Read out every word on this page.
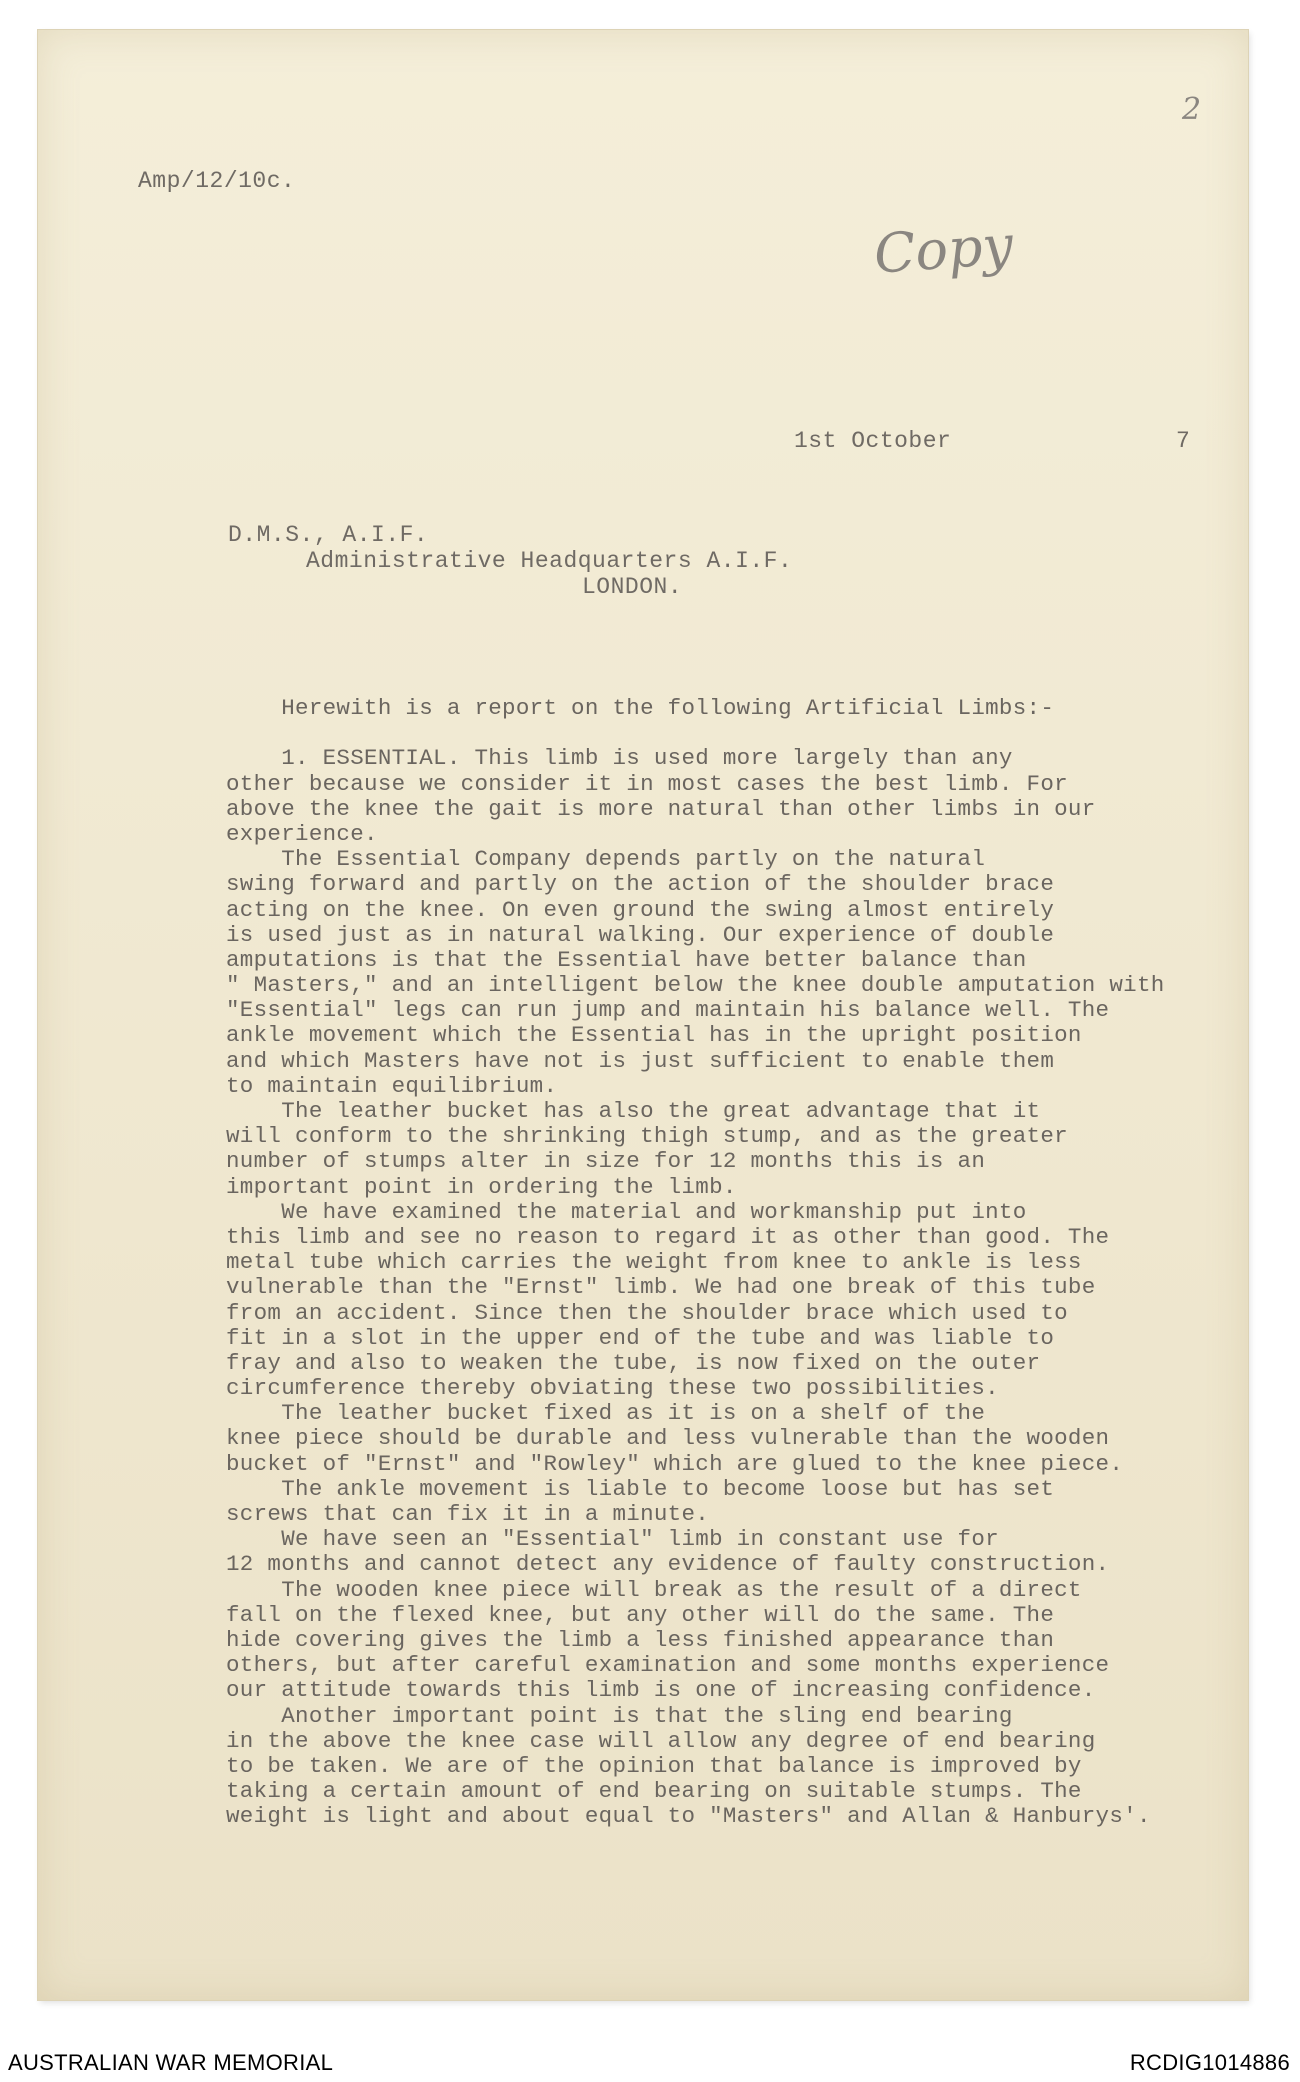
2
Amp/12/10c.
Copy
1st October	7
D.M.S., A.I.F.
Administrative Headquarters A.I.F.
LONDON.
Herewith is a report on the following Artificial Limbs:-
1. ESSENTIAL. This limb is used more largely than any
other because we consider it in most cases the best limb. For
above the knee the gait is more natural than other limbs in our
experience.
The Essential Company depends partly on the natural
swing forward and partly on the action of the shoulder brace
acting on the knee. On even ground the swing almost entirely
is used just as in natural walking. Our experience of double
amputations is that the Essential have better balance than
" Masters," and an intelligent below the knee double amputation with
"Essential" legs can run jump and maintain his balance well. The
ankle movement which the Essential has in the upright position
and which Masters have not is just sufficient to enable them
to maintain equilibrium.
The leather bucket has also the great advantage that it
will conform to the shrinking thigh stump, and as the greater
number of stumps alter in size for 12 months this is an
important point in ordering the limb.
We have examined the material and workmanship put into
this limb and see no reason to regard it as other than good. The
metal tube which carries the weight from knee to ankle is less
vulnerable than the "Ernst" limb. We had one break of this tube
from an accident. Since then the shoulder brace which used to
fit in a slot in the upper end of the tube and was liable to
fray and also to weaken the tube, is now fixed on the outer
circumference thereby obviating these two possibilities.
The leather bucket fixed as it is on a shelf of the
knee piece should be durable and less vulnerable than the wooden
bucket of "Ernst" and "Rowley" which are glued to the knee piece.
The ankle movement is liable to become loose but has set
screws that can fix it in a minute.
We have seen an "Essential" limb in constant use for
12 months and cannot detect any evidence of faulty construction.
The wooden knee piece will break as the result of a direct
fall on the flexed knee, but any other will do the same. The
hide covering gives the limb a less finished appearance than
others, but after careful examination and some months experience
our attitude towards this limb is one of increasing confidence.
Another important point is that the sling end bearing
in the above the knee case will allow any degree of end bearing
to be taken. We are of the opinion that balance is improved by
taking a certain amount of end bearing on suitable stumps. The
weight is light and about equal to "Masters" and Allan & Hanburys'.
AUSTRALIAN WAR MEMORIAL	RCDIG1014886
